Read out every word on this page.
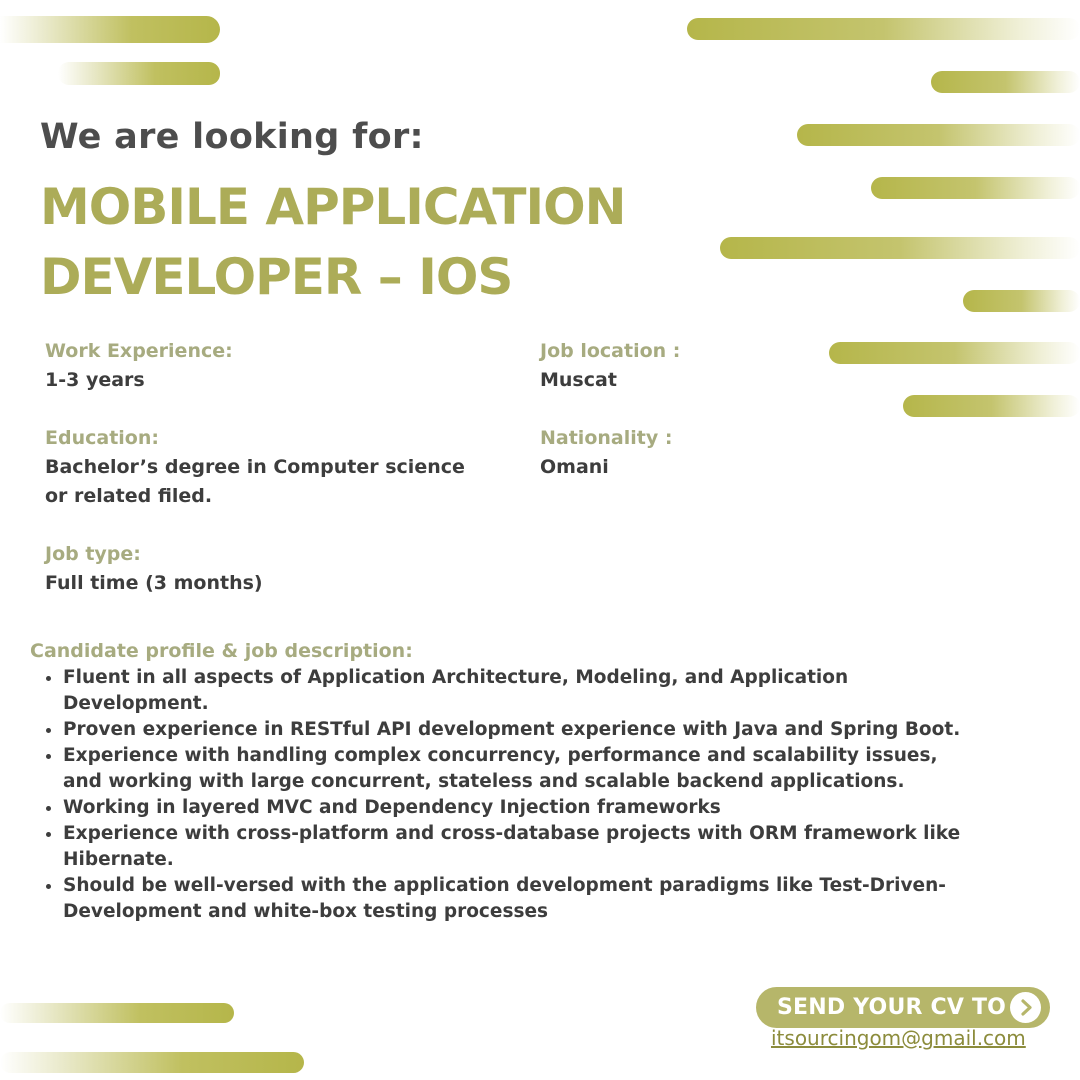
We are looking for:
MOBILE APPLICATION
DEVELOPER – IOS
Work Experience:
1-3 years
Job location :
Muscat
Education:
Bachelor’s degree in Computer science
or related filed.
Nationality :
Omani
Job type:
Full time (3 months)
Candidate profile & job description:
• Fluent in all aspects of Application Architecture, Modeling, and Application Development.
• Proven experience in RESTful API development experience with Java and Spring Boot.
• Experience with handling complex concurrency, performance and scalability issues, and working with large concurrent, stateless and scalable backend applications.
• Working in layered MVC and Dependency Injection frameworks
• Experience with cross-platform and cross-database projects with ORM framework like Hibernate.
• Should be well-versed with the application development paradigms like Test-Driven-Development and white-box testing processes
SEND YOUR CV TO
itsourcingom@gmail.com
